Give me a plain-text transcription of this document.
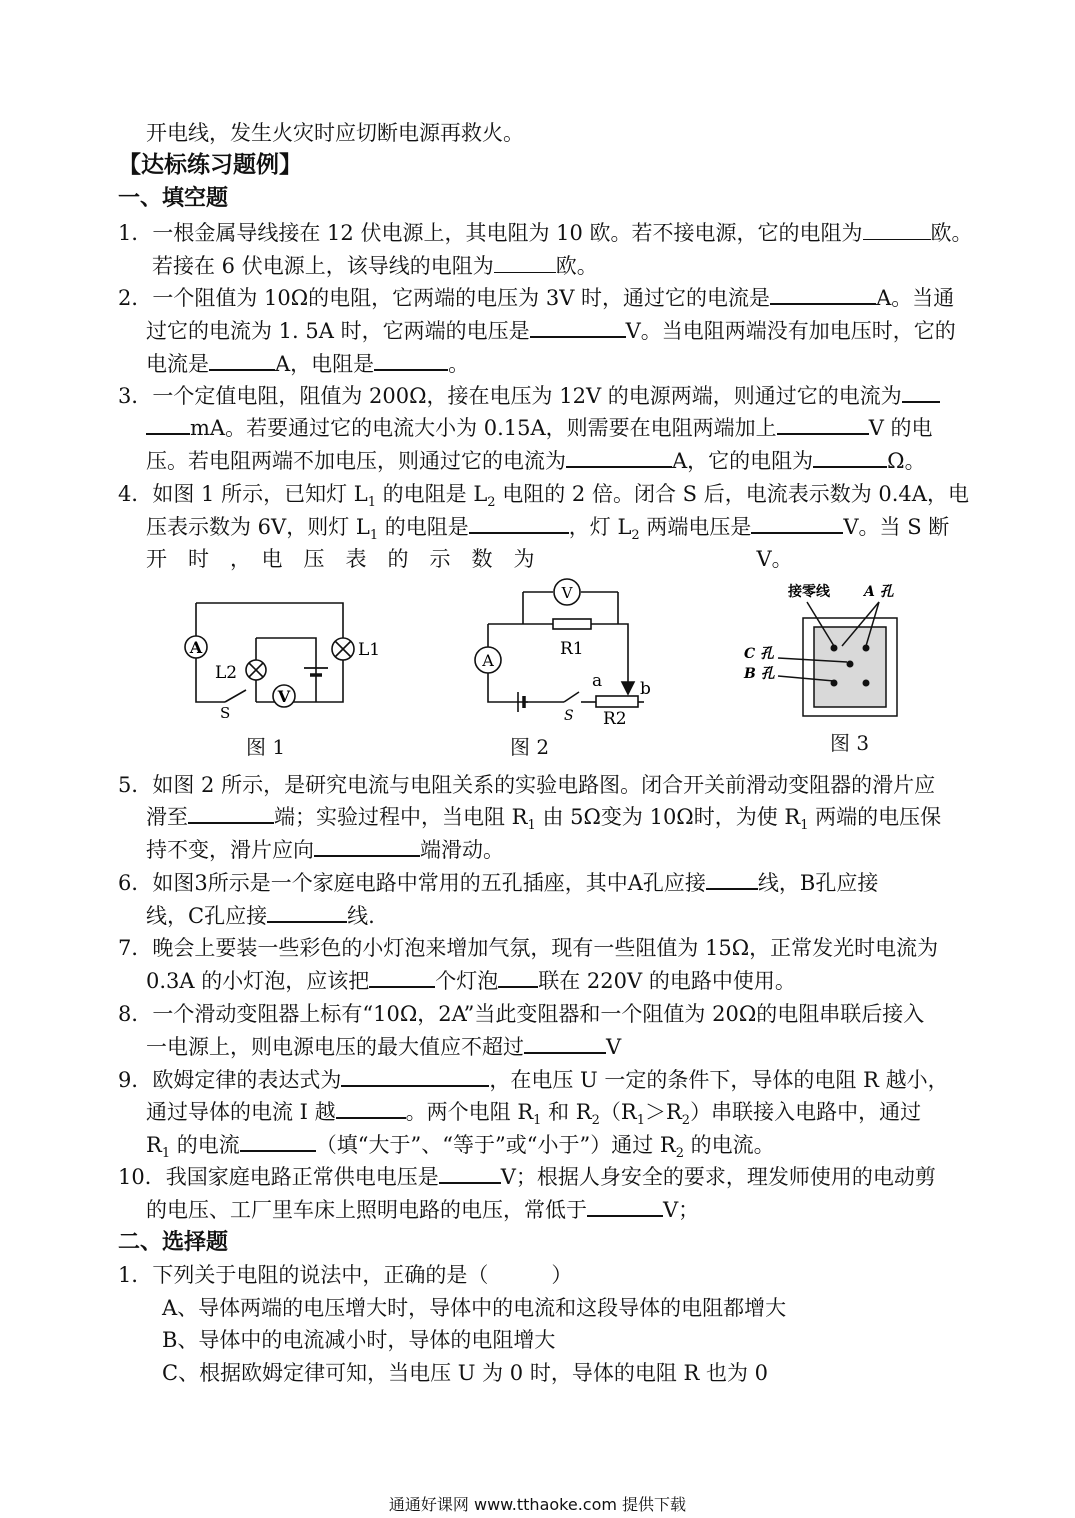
开电线，发生火灾时应切断电源再救火。
【达标练习题例】
一、填空题
1．一根金属导线接在 12 伏电源上，其电阻为 10 欧。若不接电源，它的电阻为	欧。
若接在 6 伏电源上，该导线的电阻为	欧。
2．一个阻值为 10Ω的电阻，它两端的电压为 3V 时，通过它的电流是	A。当通
过它的电流为 1. 5A 时，它两端的电压是	V。当电阻两端没有加电压时，它的
电流是	A，电阻是	。
3．一个定值电阻，阻值为 200Ω，接在电压为 12V 的电源两端，则通过它的电流为
mA。若要通过它的电流大小为 0.15A，则需要在电阻两端加上	V 的电
压。若电阻两端不加电压，则通过它的电流为	A，它的电阻为	Ω。
4．如图 1 所示，已知灯 $L_1$ 的电阻是 $L_2$ 电阻的 2 倍。闭合 S 后，电流表示数为 0.4A，电
压表示数为 6V，则灯 $L_1$ 的电阻是	，灯 $L_2$ 两端电压是	V。当 S 断
开　时　，　电　压　表　的　示　数　为	V。
A
V
L1
L2
S
图 1
V
A
R1
a b
R2
S
图 2
接零线 A 孔
C 孔
B 孔
图 3
5．如图 2 所示，是研究电流与电阻关系的实验电路图。闭合开关前滑动变阻器的滑片应
滑至	端；实验过程中，当电阻 $R_1$ 由 5Ω变为 10Ω时，为使 $R_1$ 两端的电压保
持不变，滑片应向	端滑动。
6．如图3所示是一个家庭电路中常用的五孔插座，其中A孔应接 线，B孔应接
线，C孔应接	线.
7．晚会上要装一些彩色的小灯泡来增加气氛，现有一些阻值为 15Ω，正常发光时电流为
0.3A 的小灯泡，应该把	个灯泡 联在 220V 的电路中使用。
8．一个滑动变阻器上标有“10Ω，2A”当此变阻器和一个阻值为 20Ω的电阻串联后接入
一电源上，则电源电压的最大值应不超过	V
9．欧姆定律的表达式为	，在电压 U 一定的条件下，导体的电阻 R 越小，
通过导体的电流 I 越	。两个电阻 $R_1$ 和 $R_2(R_1>R_2)$串联接入电路中，通过
$R_1$ 的电流	（填“大于”、“等于”或“小于”）通过 $R_2$ 的电流。
10．我国家庭电路正常供电电压是	V；根据人身安全的要求，理发师使用的电动剪
的电压、工厂里车床上照明电路的电压，常低于	V；
二、选择题
1．下列关于电阻的说法中，正确的是（　　　）
A、导体两端的电压增大时，导体中的电流和这段导体的电阻都增大
B、导体中的电流减小时，导体的电阻增大
C、根据欧姆定律可知，当电压 U 为 0 时，导体的电阻 R 也为 0
通通好课网 www.tthaoke.com 提供下载
